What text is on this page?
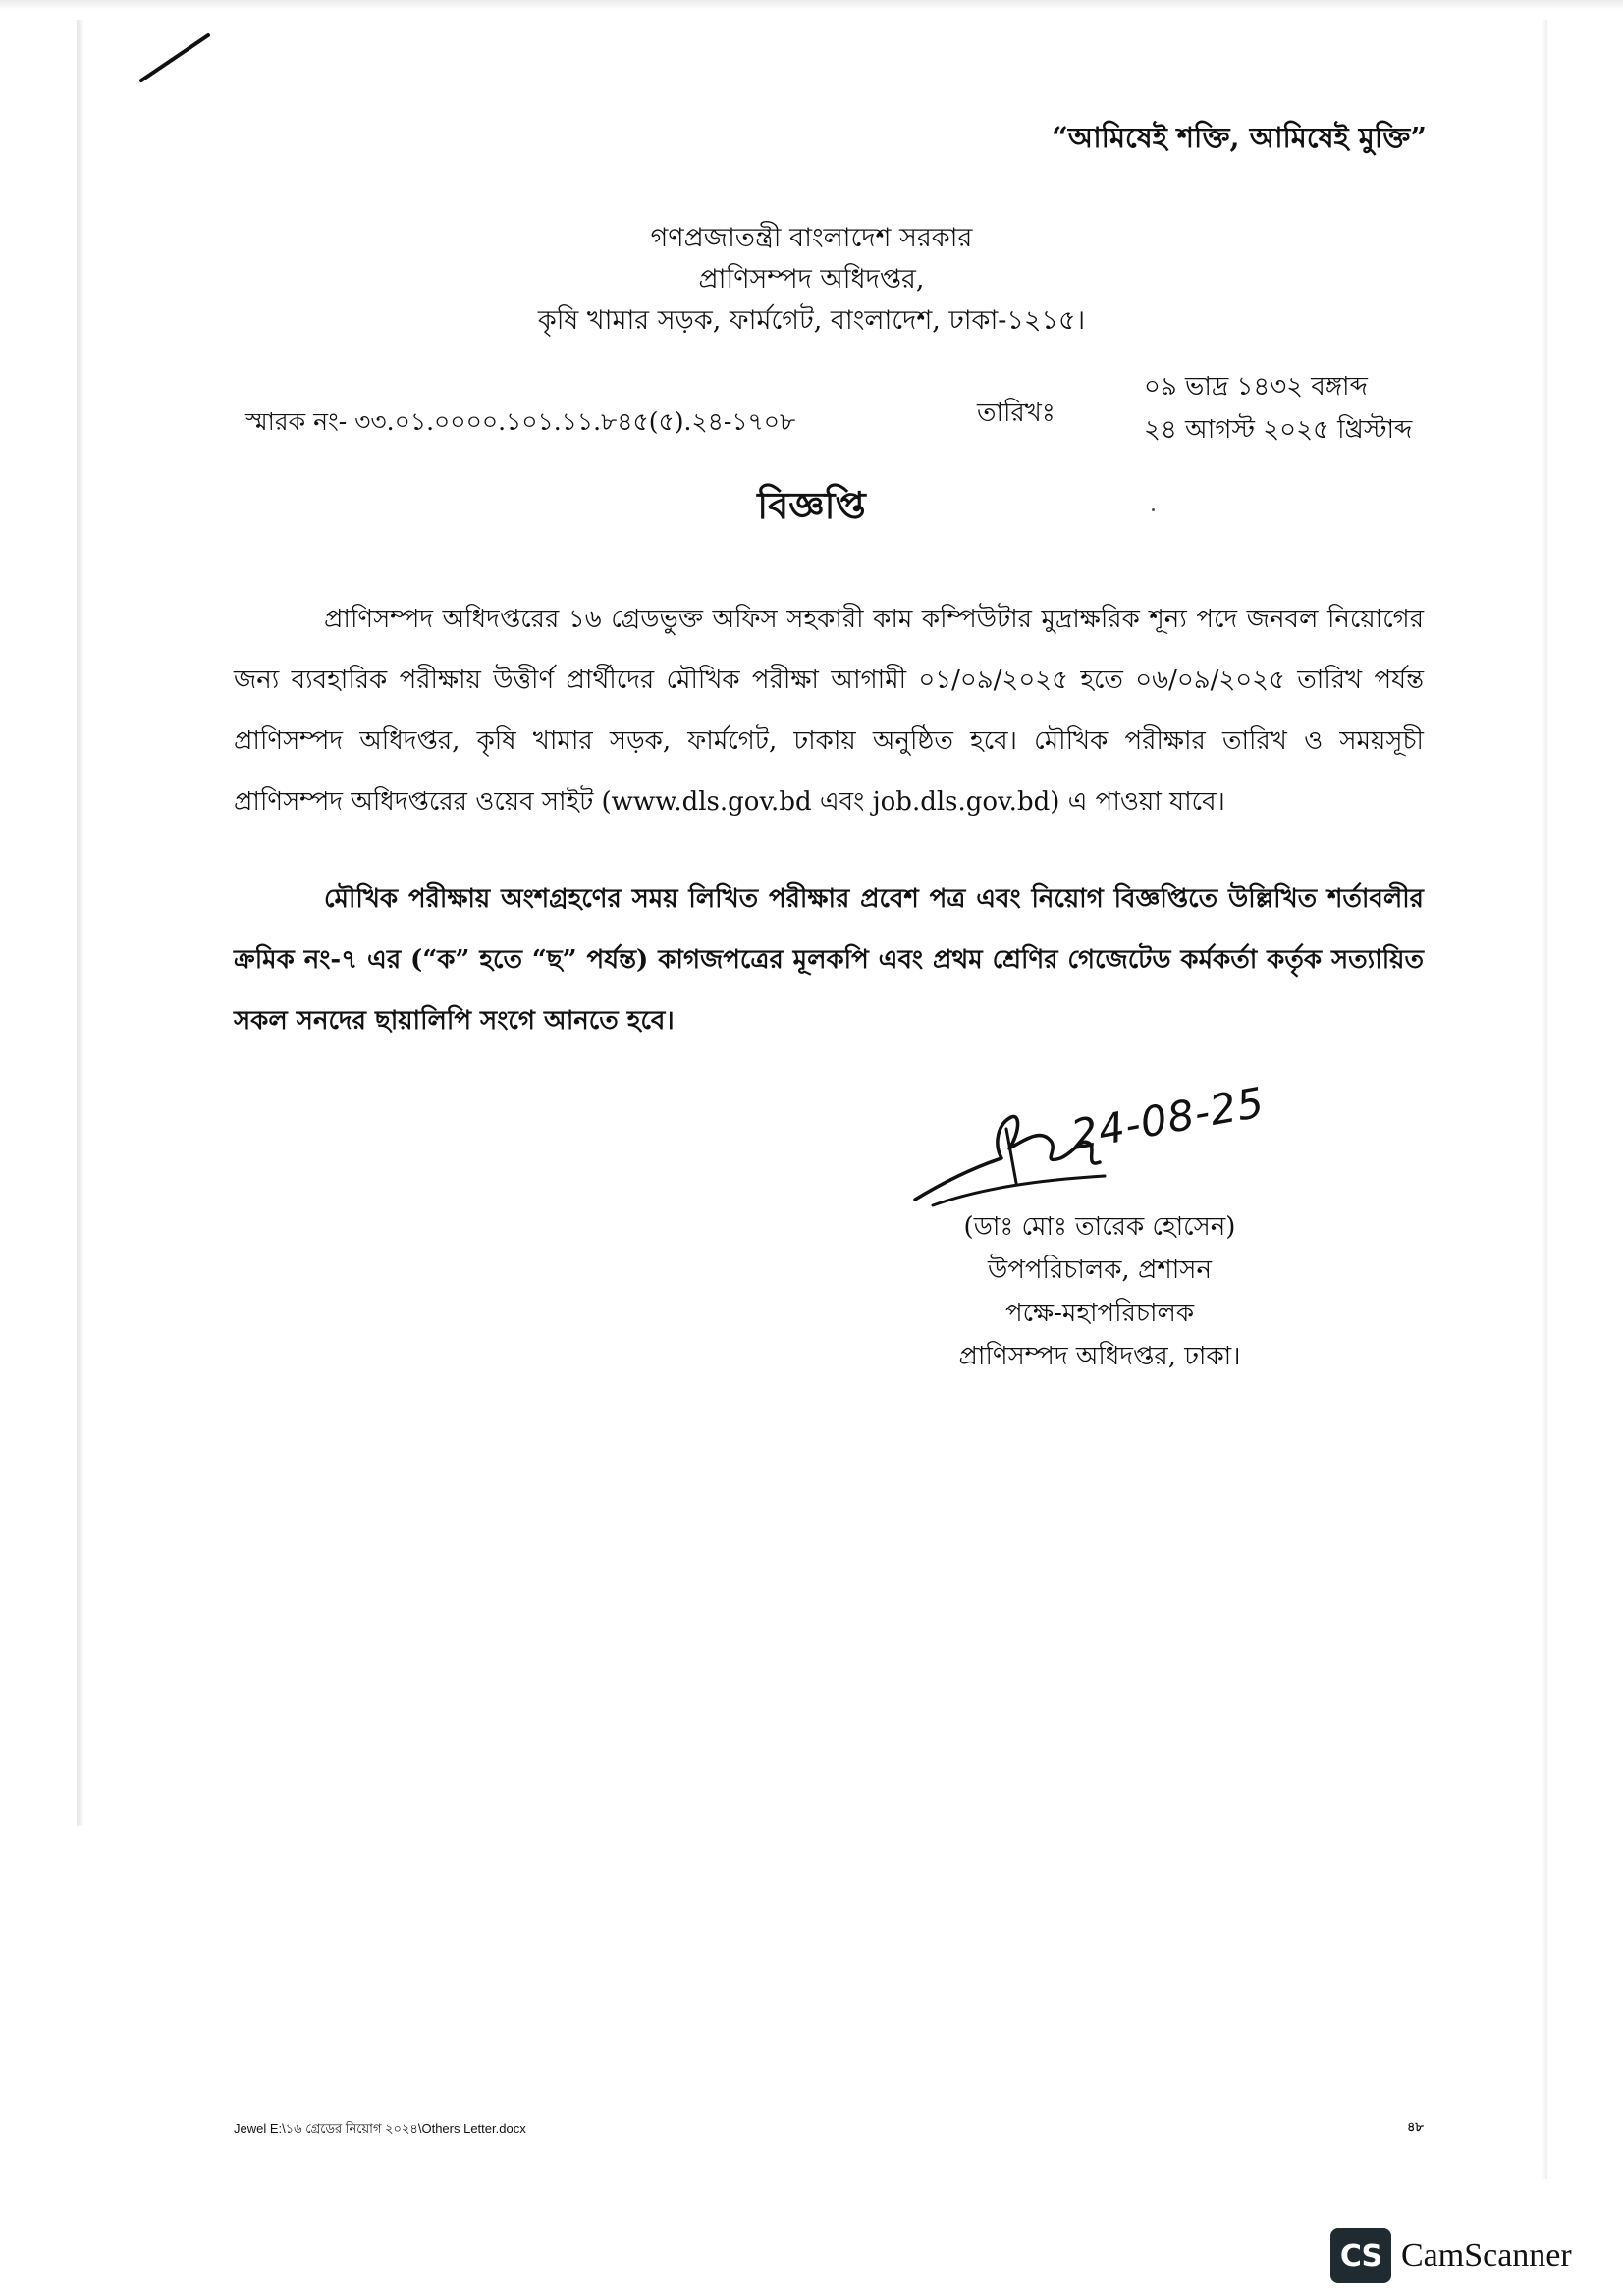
“আমিষেই শক্তি, আমিষেই মুক্তি”
গণপ্রজাতন্ত্রী বাংলাদেশ সরকার
প্রাণিসম্পদ অধিদপ্তর,
কৃষি খামার সড়ক, ফার্মগেট, বাংলাদেশ, ঢাকা-১২১৫।
স্মারক নং- ৩৩.০১.০০০০.১০১.১১.৮৪৫(৫).২৪-১৭০৮	তারিখঃ
০৯ ভাদ্র ১৪৩২ বঙ্গাব্দ
২৪ আগস্ট ২০২৫ খ্রিস্টাব্দ
বিজ্ঞপ্তি
প্রাণিসম্পদ অধিদপ্তরের ১৬ গ্রেডভুক্ত অফিস সহকারী কাম কম্পিউটার মুদ্রাক্ষরিক শূন্য পদে জনবল নিয়োগের জন্য ব্যবহারিক পরীক্ষায় উত্তীর্ণ প্রার্থীদের মৌখিক পরীক্ষা আগামী ০১/০৯/২০২৫ হতে ০৬/০৯/২০২৫ তারিখ পর্যন্ত প্রাণিসম্পদ অধিদপ্তর, কৃষি খামার সড়ক, ফার্মগেট, ঢাকায় অনুষ্ঠিত হবে। মৌখিক পরীক্ষার তারিখ ও সময়সূচী প্রাণিসম্পদ অধিদপ্তরের ওয়েব সাইট (www.dls.gov.bd এবং job.dls.gov.bd) এ পাওয়া যাবে।
মৌখিক পরীক্ষায় অংশগ্রহণের সময় লিখিত পরীক্ষার প্রবেশ পত্র এবং নিয়োগ বিজ্ঞপ্তিতে উল্লিখিত শর্তাবলীর ক্রমিক নং-৭ এর (“ক” হতে “ছ” পর্যন্ত) কাগজপত্রের মূলকপি এবং প্রথম শ্রেণির গেজেটেড কর্মকর্তা কর্তৃক সত্যায়িত সকল সনদের ছায়ালিপি সংগে আনতে হবে।
24-08-25
(ডাঃ মোঃ তারেক হোসেন)
উপপরিচালক, প্রশাসন
পক্ষে-মহাপরিচালক
প্রাণিসম্পদ অধিদপ্তর, ঢাকা।
Jewel E:\১৬ গ্রেডের নিয়োগ ২০২৪\Others Letter.docx	৪৮
CS CamScanner
